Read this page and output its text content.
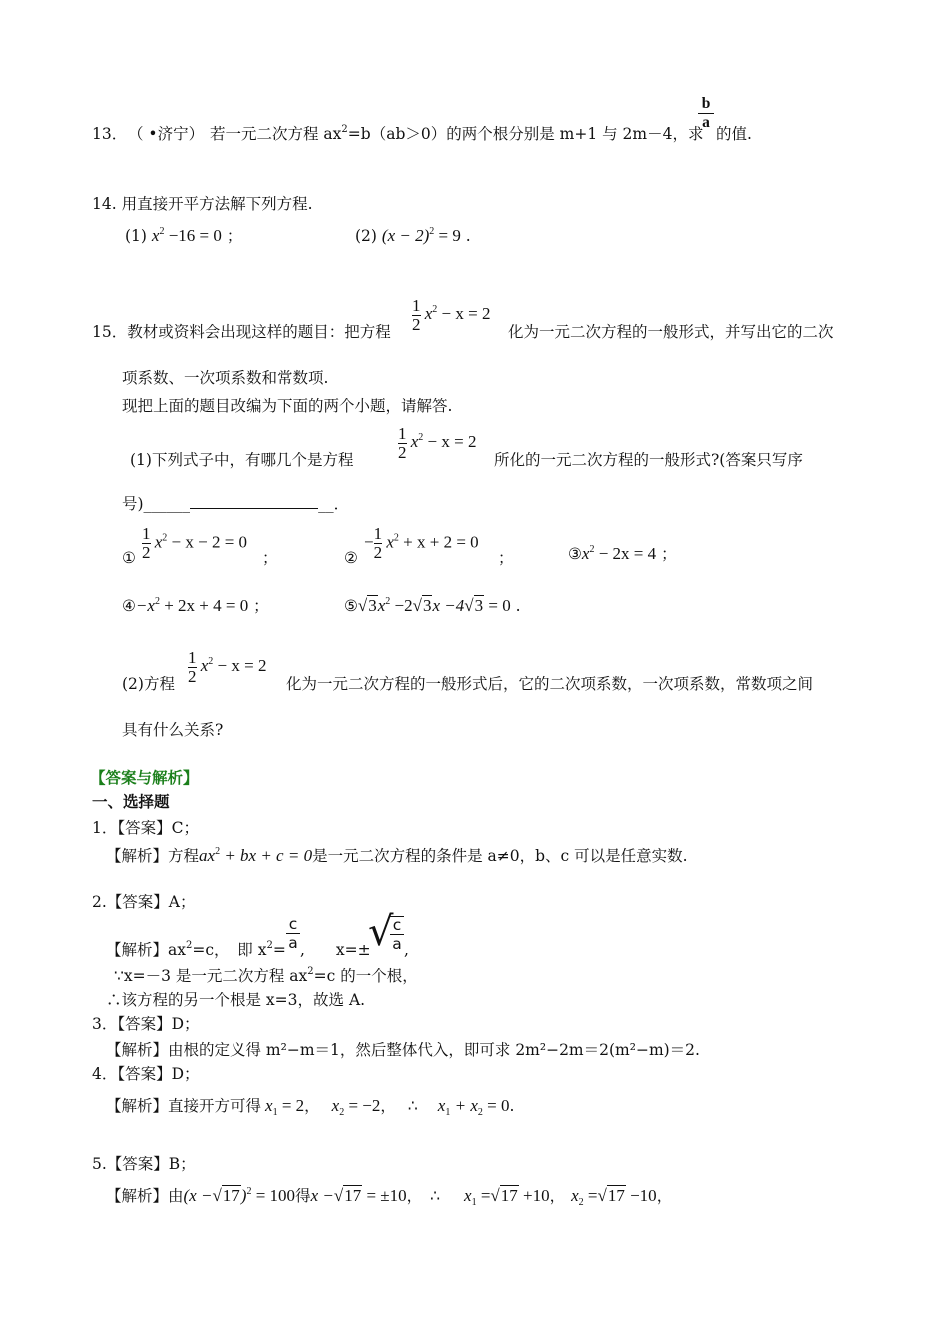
13． （ •济宁） 若一元二次方程 $ax^2=b(ab>0)$的两个根分别是 m+1 与 2m－4，求
b
a
的值.
14. 用直接开平方法解下列方程.
(1) $x^2 -16 = 0$ ；	(2) $(x - 2)^2 = 9$ .
15．教材或资料会出现这样的题目：把方程 $\frac{1}{2} x^2 - x = 2$
化为一元二次方程的一般形式，并写出它的二次
项系数、一次项系数和常数项.
现把上面的题目改编为下面的两个小题，请解答.
(1)下列式子中，有哪几个是方程	$\frac{1}{2} x^2 - x = 2$
所化的一元二次方程的一般形式?(答案只写序
号)______	__．
① $\frac{1}{2} x^2 - x - 2 = 0$
；	②
− $\frac{1}{2} x^2 + x + 2 = 0$
；	$③x^2 - 2x = 4$ ；
$④-x^2 + 2x + 4 = 0$ ；	$⑤√3x^2 -2√3x -4√3 = 0$ .
(2)方程 $\frac{1}{2} x^2 - x = 2$
化为一元二次方程的一般形式后，它的二次项系数，一次项系数，常数项之间
具有什么关系?
【答案与解析】
一、选择题
1．【答案】C；
【解析】方程$ax^2$ + bx + c = 0是一元二次方程的条件是 a≠0，b、c 可以是任意实数.
2.【答案】A；
【解析】$ax^2=c$，　即 $x^2=$
c
a ,　　x=±
√ c
a ,
∵x=－3 是一元二次方程 $ax^2=c$ 的一个根，
∴该方程的另一个根是 x=3，故选 A.
3．【答案】D；
【解析】由根的定义得 m²−m＝1，然后整体代入，即可求 2m²−2m＝2(m²−m)＝2.
4．【答案】D；
【解析】直接开方可得 $x_1 = 2$， $x_2 = -2$， ∴ $x_1 + x_2 = 0$.
5.【答案】B；
【解析】由$(x -√17)^2 = 100$得x −√17 = ±10， ∴ $x_1 =√17 +10$， $x_2 =√17 -10$，
